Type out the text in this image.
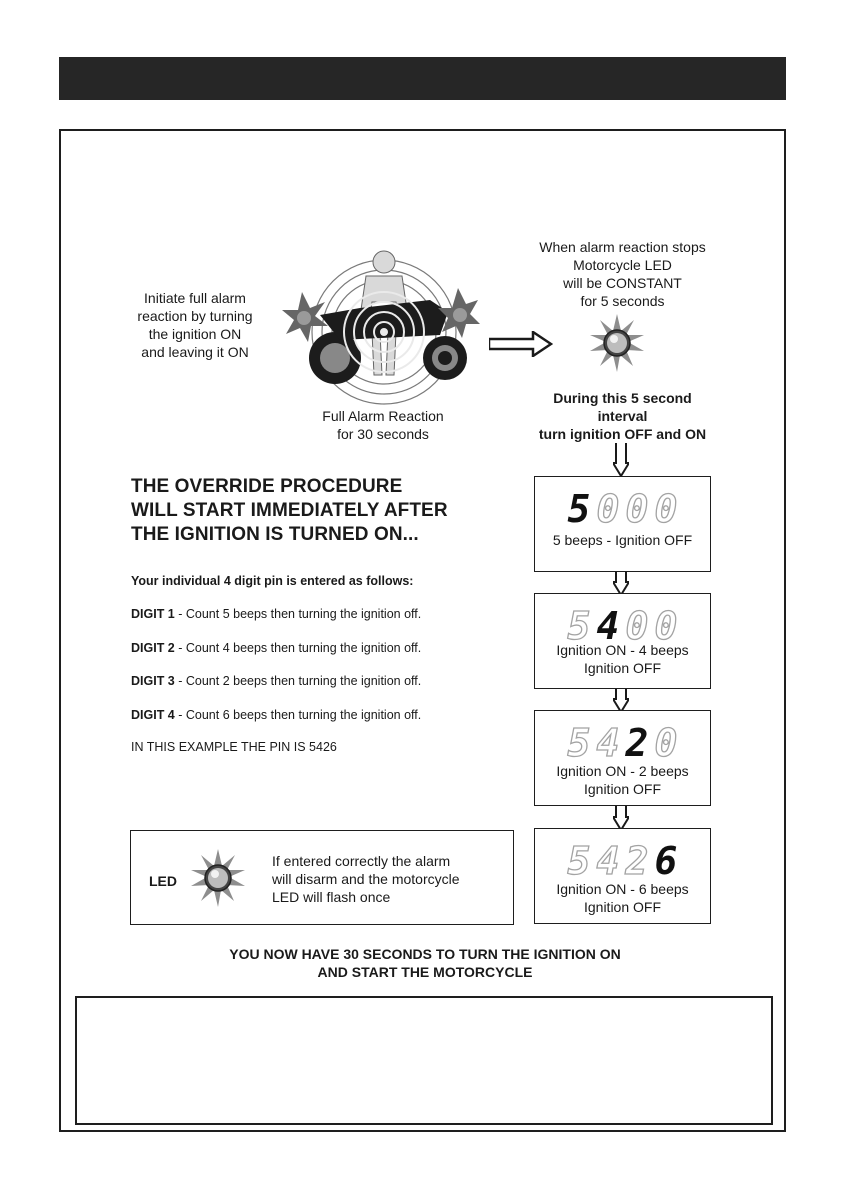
Initiate full alarm
reaction by turning
the ignition ON
and leaving it ON
Full Alarm Reaction
for 30 seconds
When alarm reaction stops
Motorcycle LED
will be CONSTANT
for 5 seconds
During this 5 second
interval
turn ignition OFF and ON
THE OVERRIDE PROCEDURE
WILL START IMMEDIATELY AFTER
THE IGNITION IS TURNED ON...
Your individual 4 digit pin is entered as follows:
DIGIT 1 - Count 5 beeps then turning the ignition off.
DIGIT 2 - Count 4 beeps then turning the ignition off.
DIGIT 3 - Count 2 beeps then turning the ignition off.
DIGIT 4 - Count 6 beeps then turning the ignition off.
IN THIS EXAMPLE THE PIN IS 5426
5 0 0 0
5 beeps - Ignition OFF
5 4 0 0
Ignition ON - 4 beeps
Ignition OFF
5 4 2 0
Ignition ON - 2 beeps
Ignition OFF
5 4 2 6
Ignition ON - 6 beeps
Ignition OFF
LED
If entered correctly the alarm
will disarm and the motorcycle
LED will flash once
YOU NOW HAVE 30 SECONDS TO TURN THE IGNITION ON
AND START THE MOTORCYCLE
